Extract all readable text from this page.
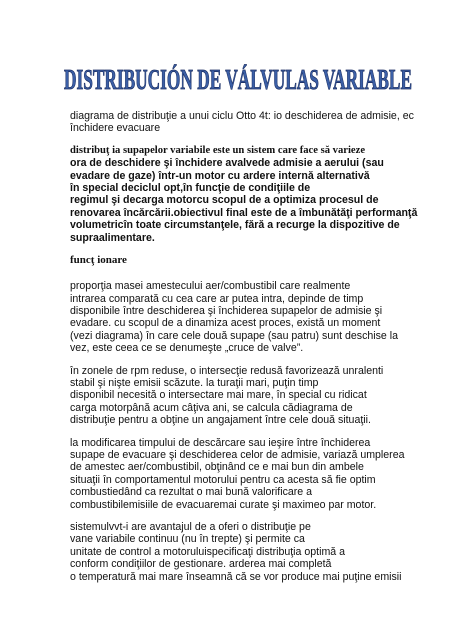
DISTRIBUCIÓN DE VÁLVULAS VARIABLE
diagrama de distribuţie a unui ciclu Otto 4t: io deschiderea de admisie, ec
închidere evacuare
distribuţ ia supapelor variabile este un sistem care face să varieze
ora de deschidere şi închidere avalvede admisie a aerului (sau
evadare de gaze) într-un motor cu ardere internă alternativă
în special deciclul opt,în funcţie de condiţiile de
regimul şi decarga motorcu scopul de a optimiza procesul de
renovarea încărcării.obiectivul final este de a îmbunătăţi performanţă
volumetricîn toate circumstanţele, fără a recurge la dispozitive de
supraalimentare.
funcţ ionare
proporţia masei amestecului aer/combustibil care realmente
intrarea comparată cu cea care ar putea intra, depinde de timp
disponibile între deschiderea şi închiderea supapelor de admisie şi
evadare. cu scopul de a dinamiza acest proces, există un moment
(vezi diagrama) în care cele două supape (sau patru) sunt deschise la
vez, este ceea ce se denumeşte „cruce de valve”.
în zonele de rpm reduse, o intersecţie redusă favorizează unralenti
stabil şi nişte emisii scăzute. la turaţii mari, puţin timp
disponibil necesită o intersectare mai mare, în special cu ridicat
carga motorpână acum câţiva ani, se calcula cădiagrama de
distribuţie pentru a obţine un angajament între cele două situaţii.
la modificarea timpului de descărcare sau ieşire între închiderea
supape de evacuare şi deschiderea celor de admisie, variază umplerea
de amestec aer/combustibil, obţinând ce e mai bun din ambele
situaţii în comportamentul motorului pentru ca acesta să fie optim
combustiedând ca rezultat o mai bună valorificare a
combustibilemisiile de evacuaremai curate şi maximeo par motor.
sistemulvvt-i are avantajul de a oferi o distribuţie pe
vane variabile continuu (nu în trepte) şi permite ca
unitate de control a motoruluispecificaţi distribuţia optimă a
conform condiţiilor de gestionare. arderea mai completă
o temperatură mai mare înseamnă că se vor produce mai puţine emisii
